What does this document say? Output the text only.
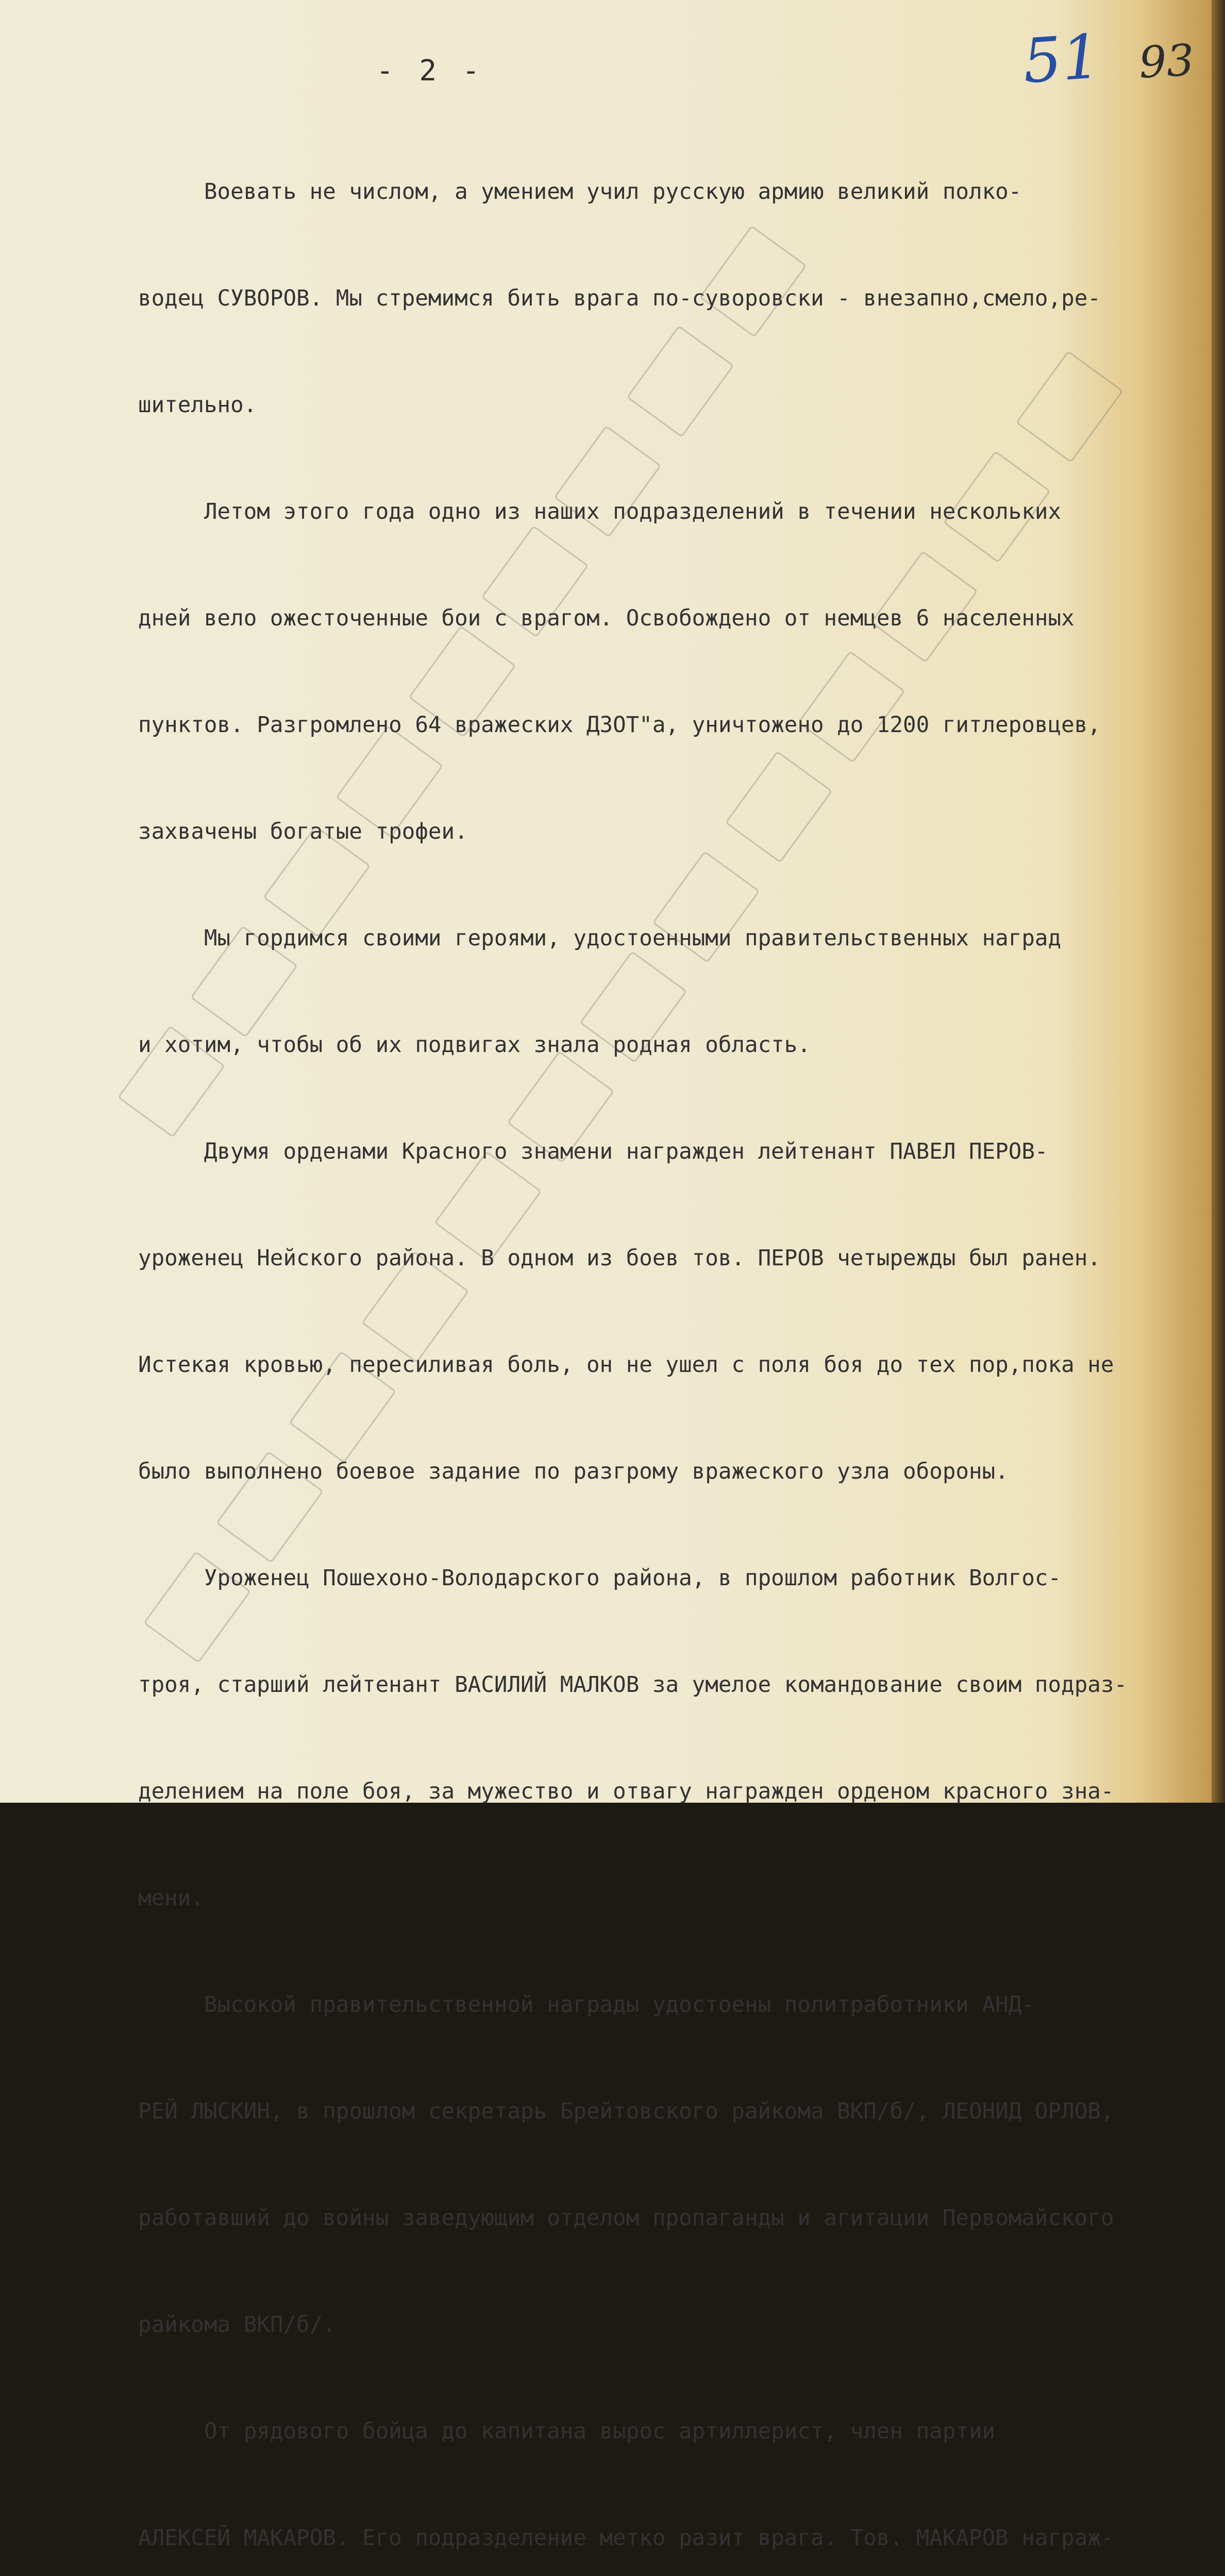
- 2 -	51 93

Воевать не числом, а умением учил русскую армию великий полко-

водец СУВОРОВ. Мы стремимся бить врага по-суворовски - внезапно,смело,ре-

шительно.

Летом этого года одно из наших подразделений в течении нескольких

дней вело ожесточенные бои с врагом. Освобождено от немцев 6 населенных

пунктов. Разгромлено 64 вражеских ДЗОТ"а, уничтожено до 1200 гитлеровцев,

захвачены богатые трофеи.

Мы гордимся своими героями, удостоенными правительственных наград

и хотим, чтобы об их подвигах знала родная область.

Двумя орденами Красного знамени награжден лейтенант ПАВЕЛ ПЕРОВ-

уроженец Нейского района. В одном из боев тов. ПЕРОВ четырежды был ранен.

Истекая кровью, пересиливая боль, он не ушел с поля боя до тех пор,пока не

было выполнено боевое задание по разгрому вражеского узла обороны.

Уроженец Пошехоно-Володарского района, в прошлом работник Волгос-

троя, старший лейтенант ВАСИЛИЙ МАЛКОВ за умелое командование своим подраз-

делением на поле боя, за мужество и отвагу награжден орденом красного зна-

мени.

Высокой правительственной награды удостоены политработники АНД-

РЕЙ ЛЫСКИН, в прошлом секретарь Брейтовского райкома ВКП/б/, ЛЕОНИД ОРЛОВ,

работавший до войны заведующим отделом пропаганды и агитации Первомайского

райкома ВКП/б/.

От рядового бойца до капитана вырос артиллерист, член партии

АЛЕКСЕЙ МАКАРОВ. Его подразделение метко разит врага. Тов. МАКАРОВ награж-
